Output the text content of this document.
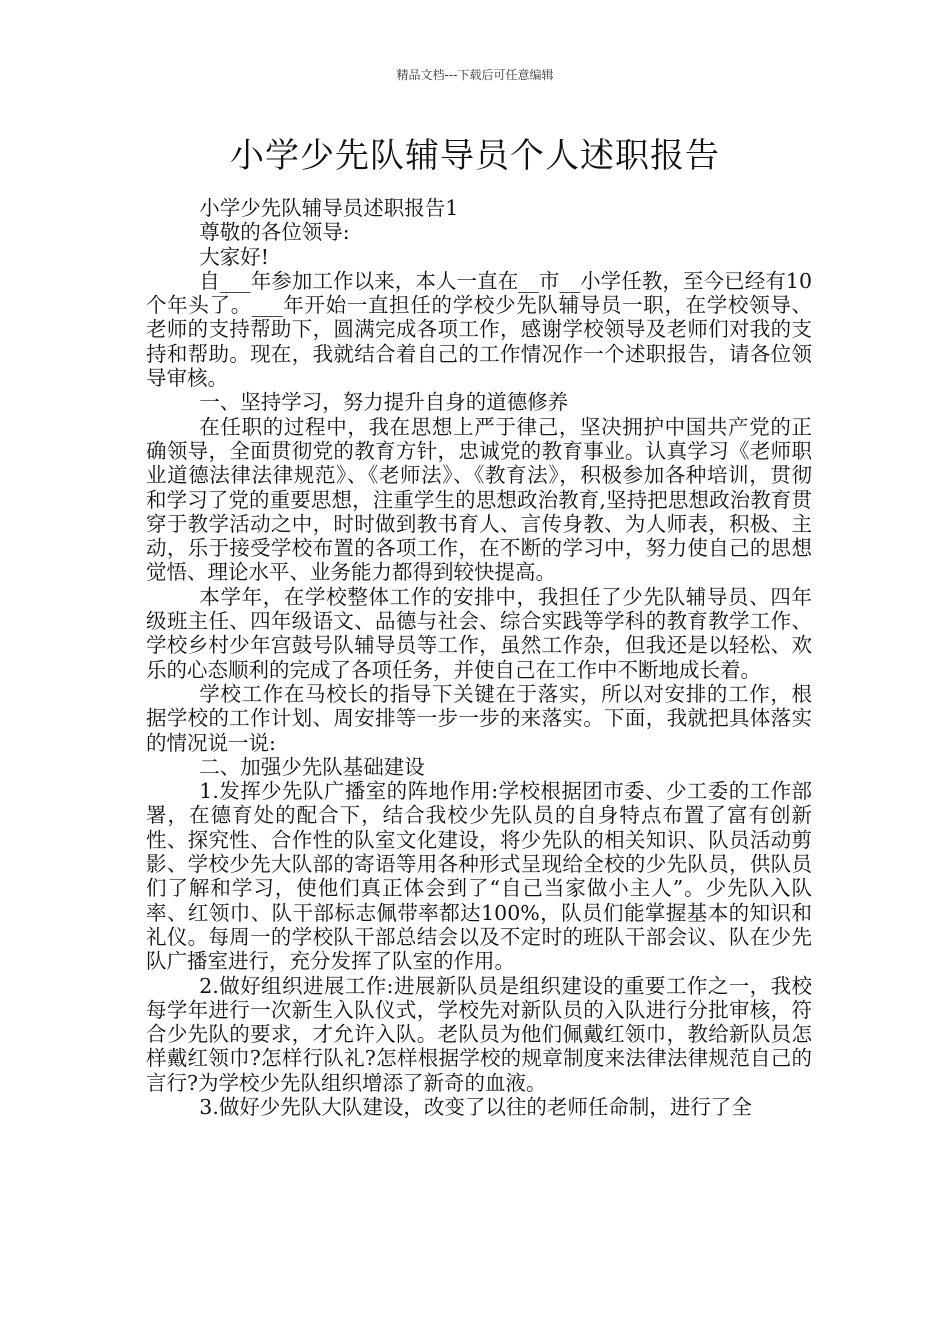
精品文档---下载后可任意编辑
小学少先队辅导员个人述职报告

小学少先队辅导员述职报告1

尊敬的各位领导:

大家好!

自___年参加工作以来，本人一直在__市__小学任教，至今已经有10个年头了。___年开始一直担任的学校少先队辅导员一职，在学校领导、老师的支持帮助下，圆满完成各项工作，感谢学校领导及老师们对我的支持和帮助。现在，我就结合着自己的工作情况作一个述职报告，请各位领导审核。

一、坚持学习，努力提升自身的道德修养

在任职的过程中，我在思想上严于律己，坚决拥护中国共产党的正确领导，全面贯彻党的教育方针，忠诚党的教育事业。认真学习《老师职业道德法律法律规范》、《老师法》、《教育法》，积极参加各种培训，贯彻和学习了党的重要思想，注重学生的思想政治教育,坚持把思想政治教育贯穿于教学活动之中，时时做到教书育人、言传身教、为人师表，积极、主动，乐于接受学校布置的各项工作，在不断的学习中，努力使自己的思想觉悟、理论水平、业务能力都得到较快提高。

本学年，在学校整体工作的安排中，我担任了少先队辅导员、四年级班主任、四年级语文、品德与社会、综合实践等学科的教育教学工作、学校乡村少年宫鼓号队辅导员等工作，虽然工作杂，但我还是以轻松、欢乐的心态顺利的完成了各项任务，并使自己在工作中不断地成长着。

学校工作在马校长的指导下关键在于落实，所以对安排的工作，根据学校的工作计划、周安排等一步一步的来落实。下面，我就把具体落实的情况说一说:

二、加强少先队基础建设

1.发挥少先队广播室的阵地作用:学校根据团市委、少工委的工作部署，在德育处的配合下，结合我校少先队员的自身特点布置了富有创新性、探究性、合作性的队室文化建设，将少先队的相关知识、队员活动剪影、学校少先大队部的寄语等用各种形式呈现给全校的少先队员，供队员们了解和学习，使他们真正体会到了“自己当家做小主人”。少先队入队率、红领巾、队干部标志佩带率都达100%，队员们能掌握基本的知识和礼仪。每周一的学校队干部总结会以及不定时的班队干部会议、队在少先队广播室进行，充分发挥了队室的作用。

2.做好组织进展工作:进展新队员是组织建设的重要工作之一，我校每学年进行一次新生入队仪式，学校先对新队员的入队进行分批审核，符合少先队的要求，才允许入队。老队员为他们佩戴红领巾，教给新队员怎样戴红领巾?怎样行队礼?怎样根据学校的规章制度来法律法律规范自己的言行?为学校少先队组织增添了新奇的血液。

3.做好少先队大队建设，改变了以往的老师任命制，进行了全
